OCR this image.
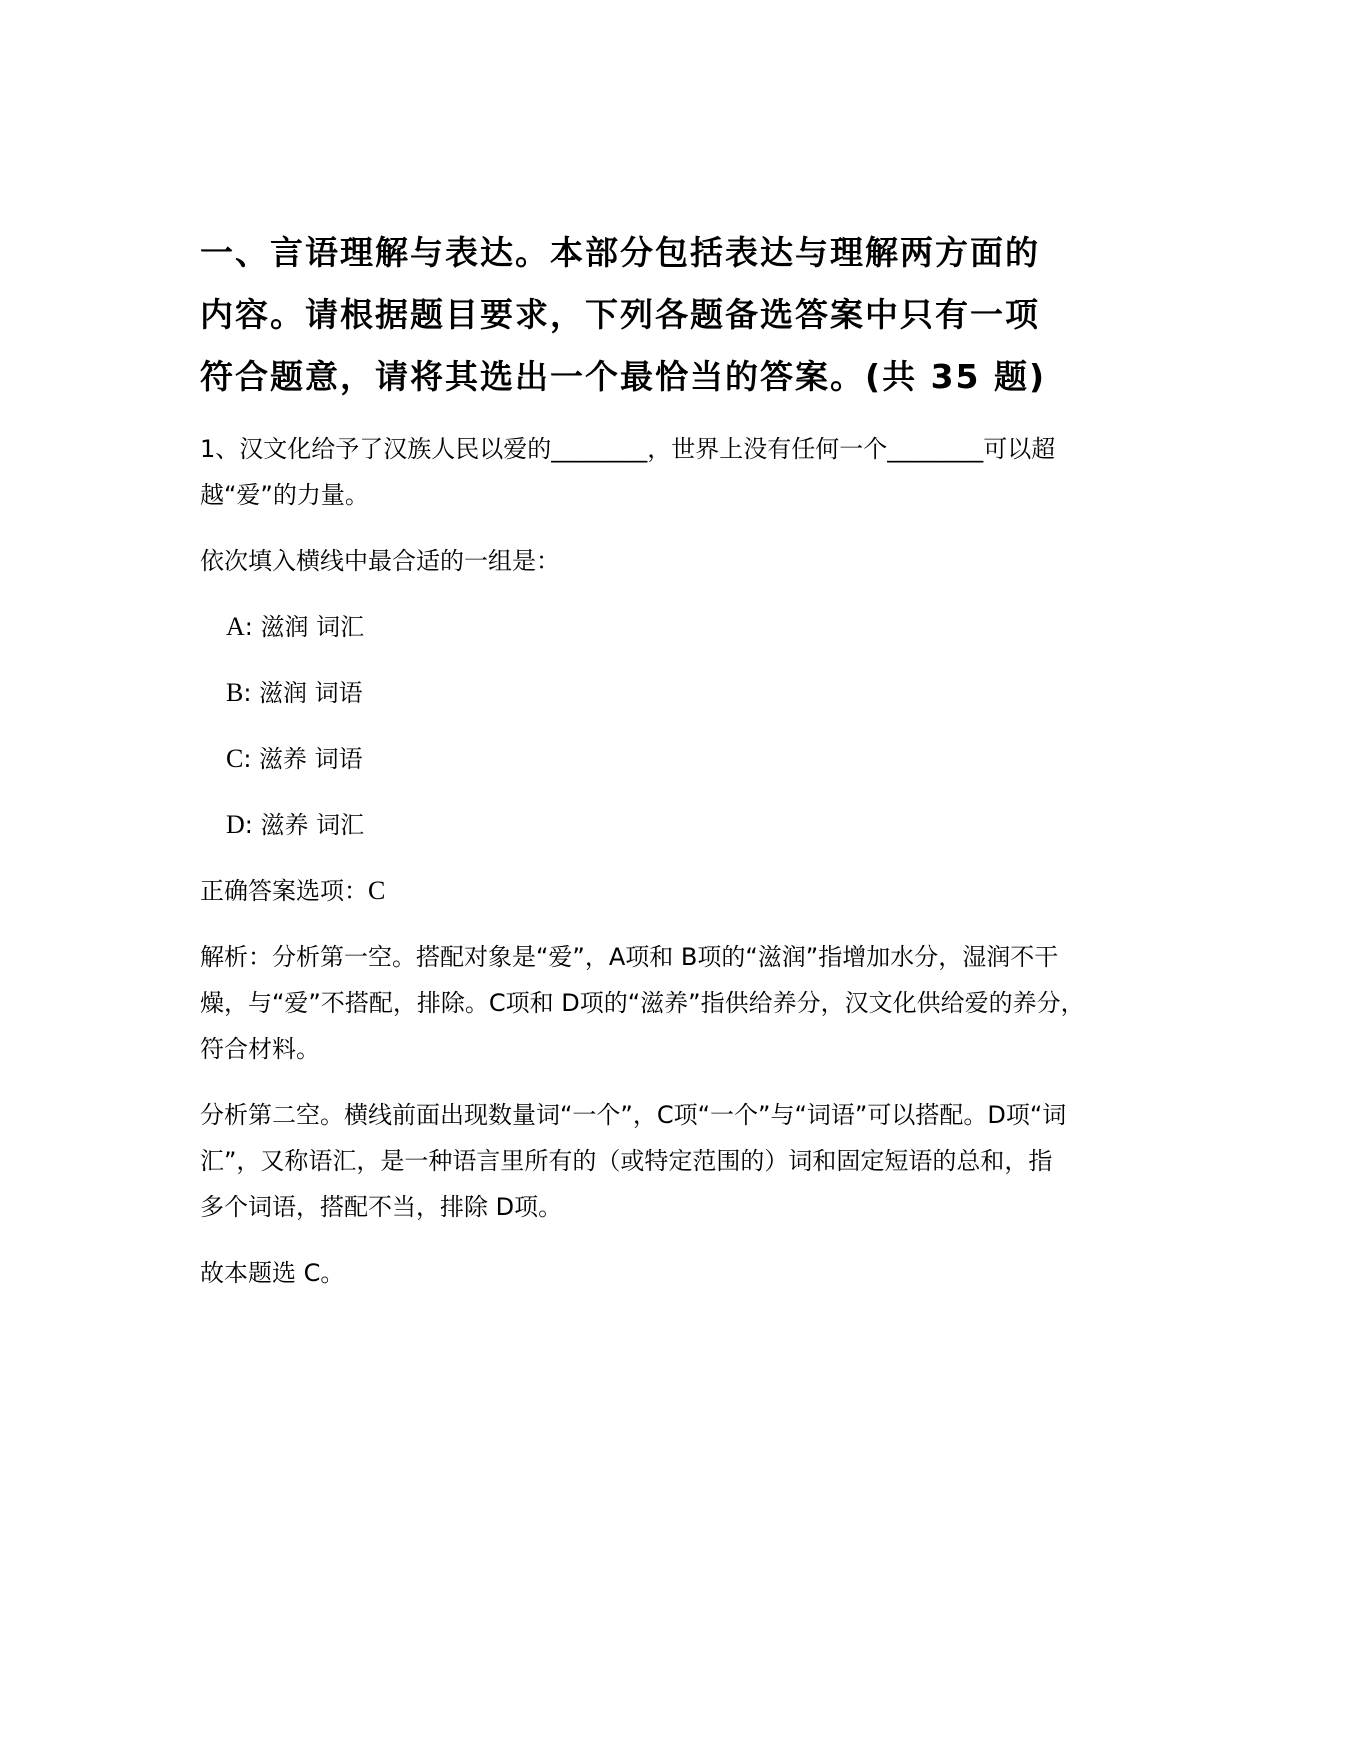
一、言语理解与表达。本部分包括表达与理解两方面的
内容。请根据题目要求，下列各题备选答案中只有一项
符合题意，请将其选出一个最恰当的答案。(共 35 题)

1、汉文化给予了汉族人民以爱的________，世界上没有任何一个________可以超
越“爱”的力量。

依次填入横线中最合适的一组是：

A: 滋润 词汇
B: 滋润 词语
C: 滋养 词语
D: 滋养 词汇

正确答案选项：C

解析：分析第一空。搭配对象是“爱”，A项和 B项的“滋润”指增加水分，湿润不干
燥，与“爱”不搭配，排除。C项和 D项的“滋养”指供给养分，汉文化供给爱的养分，
符合材料。

分析第二空。横线前面出现数量词“一个”，C项“一个”与“词语”可以搭配。D项“词
汇”，又称语汇，是一种语言里所有的（或特定范围的）词和固定短语的总和，指
多个词语，搭配不当，排除 D项。

故本题选 C。
